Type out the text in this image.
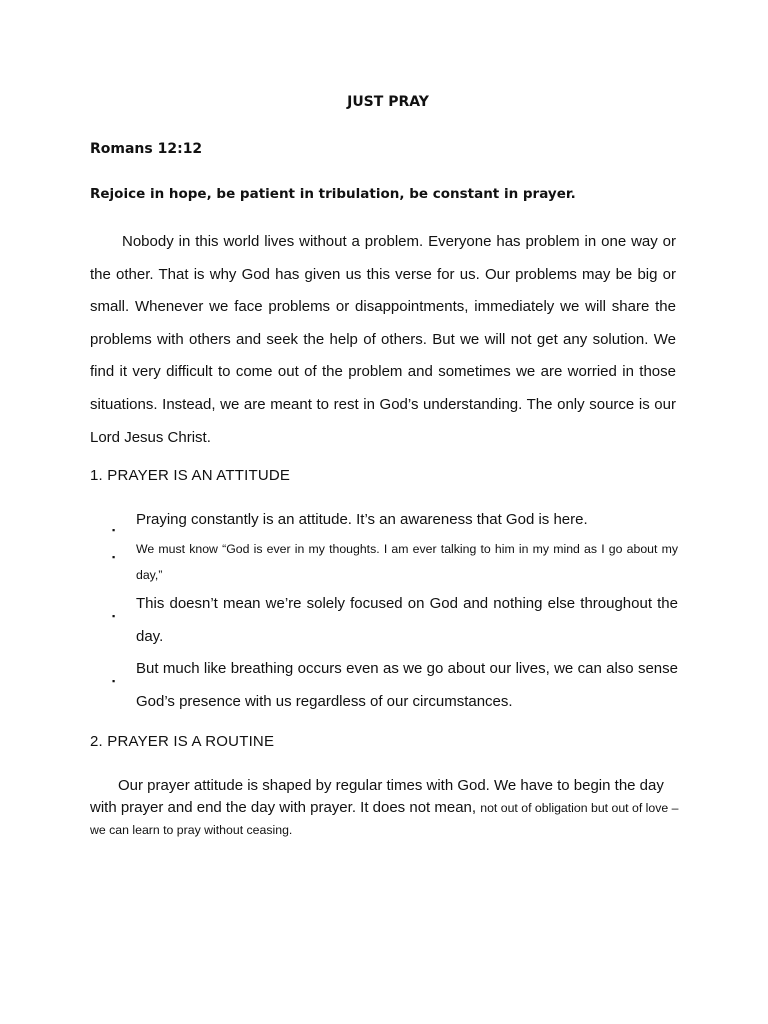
JUST PRAY
Romans 12:12
Rejoice in hope, be patient in tribulation, be constant in prayer.

Nobody in this world lives without a problem. Everyone has problem in one way or the other. That is why God has given us this verse for us. Our problems may be big or small. Whenever we face problems or disappointments, immediately we will share the problems with others and seek the help of others. But we will not get any solution. We find it very difficult to come out of the problem and sometimes we are worried in those situations. Instead, we are meant to rest in God’s understanding. The only source is our Lord Jesus Christ.

1. PRAYER IS AN ATTITUDE
▪
Praying constantly is an attitude. It’s an awareness that God is here.
▪
We must know “God is ever in my thoughts. I am ever talking to him in my mind as I go about my day,”
▪
This doesn’t mean we’re solely focused on God and nothing else throughout the day.
▪
But much like breathing occurs even as we go about our lives, we can also sense God’s presence with us regardless of our circumstances.
2. PRAYER IS A ROUTINE

Our prayer attitude is shaped by regular times with God. We have to begin the day with prayer and end the day with prayer. It does not mean, not out of obligation but out of love – we can learn to pray without ceasing.
